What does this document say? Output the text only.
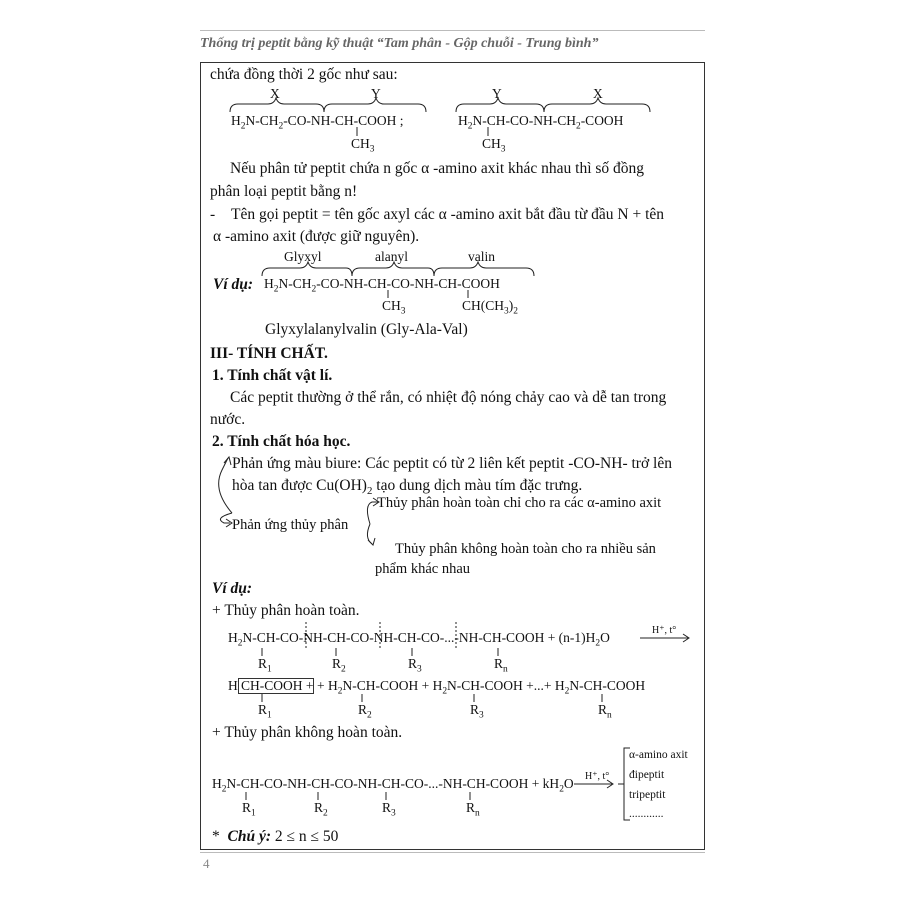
Thống trị peptit bằng kỹ thuật “Tam phân - Gộp chuỗi - Trung bình”
4
chứa đồng thời 2 gốc như sau:
X	Y
$H_2N-CH_2-CO-NH-CH$-COOH ;
$CH_3$
Y	X
$H_2N-CH-CO-NH-CH_2$-COOH
$CH_3$
Nếu phân tử peptit chứa n gốc α -amino axit khác nhau thì số đồng
phân loại peptit bằng n!
- Tên gọi peptit = tên gốc axyl các α -amino axit bắt đầu từ đầu N + tên
α -amino axit (được giữ nguyên).
Glyxyl	alanyl	valin
Ví dụ: $H_2N-CH_2-CO-NH-CH-CO-NH-CH$-COOH
$CH_3$	$CH(CH_3)_2$
Glyxylalanylvalin (Gly-Ala-Val)
III- TÍNH CHẤT.
1. Tính chất vật lí.
Các peptit thường ở thể rắn, có nhiệt độ nóng chảy cao và dễ tan trong
nước.
2. Tính chất hóa học.
Phản ứng màu biure: Các peptit có từ 2 liên kết peptit -CO-NH- trở lên
hòa tan được $Cu(OH)_2$ tạo dung dịch màu tím đặc trưng.
Thủy phân hoàn toàn chỉ cho ra các α-amino axit
Phản ứng thủy phân
Thủy phân không hoàn toàn cho ra nhiều sản
phẩm khác nhau
Ví dụ:
+ Thủy phân hoàn toàn.
$H_2N-CH-CO-NH-CH-CO-NH-CH-CO-...-NH-CH$-COOH + $(n-1)H_2O$	H⁺, t°
$R_1$	$R_2$	$R_3$	$R_n$
H CH-COOH + + $H_2N-CH$-COOH + $H_2N-CH$-COOH +...+ $H_2N-CH$-COOH
$R_1$	$R_2$	$R_3$	$R_n$
+ Thủy phân không hoàn toàn.
$H_2N-CH-CO-NH-CH-CO-NH-CH-CO-...-NH-CH$-COOH + $kH_2O$ H⁺, t°
$R_1$	$R_2$	$R_3$	$R_n$
α-amino axit
đipeptit
tripeptit
............
* Chú ý: 2 ≤ n ≤ 50
